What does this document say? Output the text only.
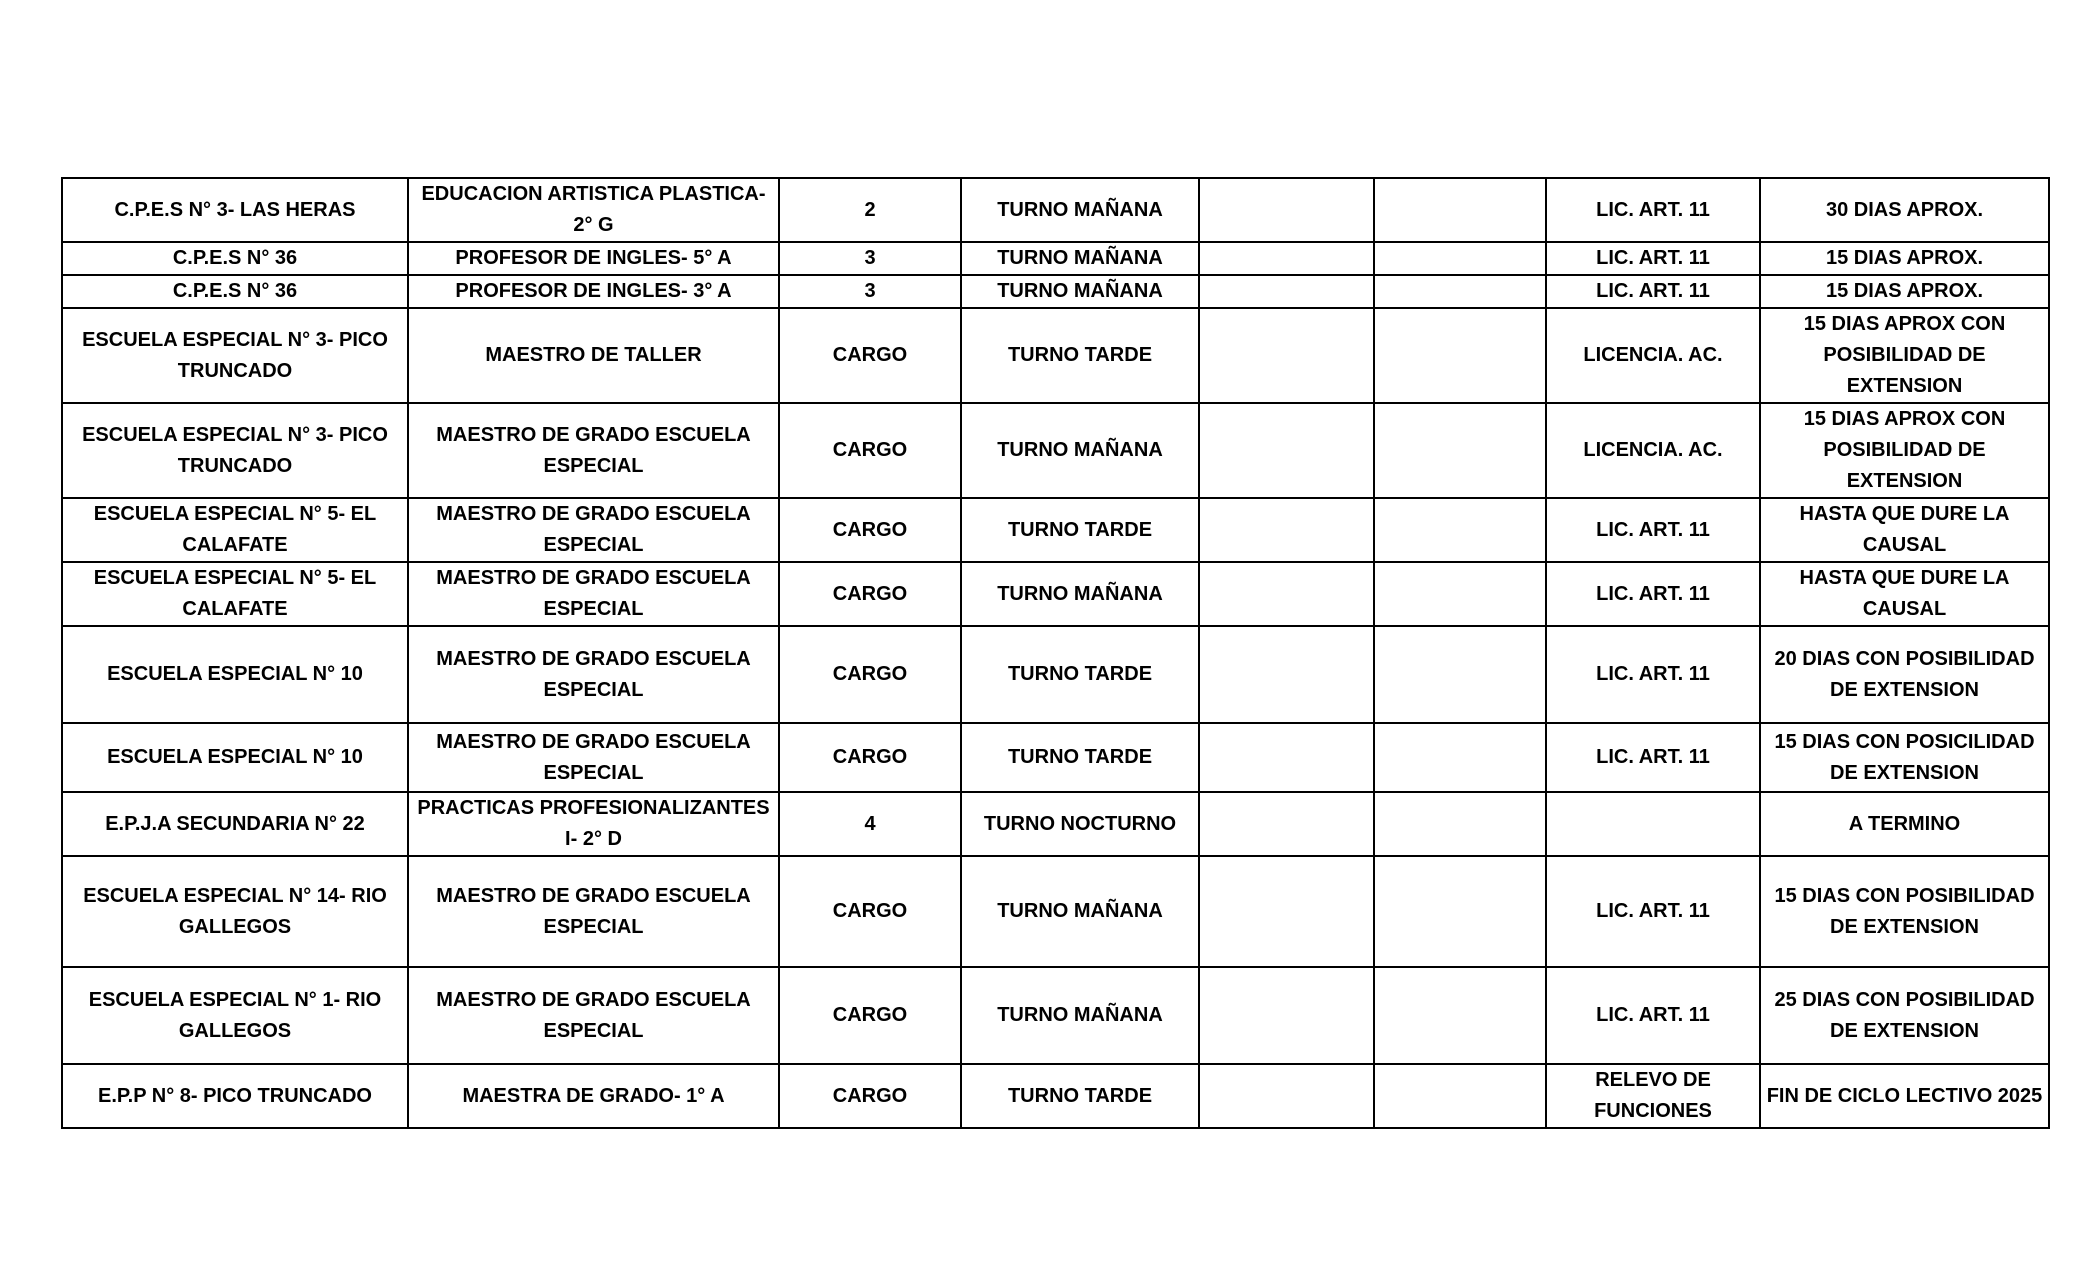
C.P.E.S N° 3- LAS HERAS	EDUCACION ARTISTICA PLASTICA- 2° G	2	TURNO MAÑANA			LIC. ART. 11	30 DIAS APROX.
C.P.E.S N° 36	PROFESOR DE INGLES- 5° A	3	TURNO MAÑANA			LIC. ART. 11	15 DIAS APROX.
C.P.E.S N° 36	PROFESOR DE INGLES- 3° A	3	TURNO MAÑANA			LIC. ART. 11	15 DIAS APROX.
ESCUELA ESPECIAL N° 3- PICO TRUNCADO	MAESTRO DE TALLER	CARGO	TURNO TARDE			LICENCIA. AC.	15 DIAS APROX CON POSIBILIDAD DE EXTENSION
ESCUELA ESPECIAL N° 3- PICO TRUNCADO	MAESTRO DE GRADO ESCUELA ESPECIAL	CARGO	TURNO MAÑANA			LICENCIA. AC.	15 DIAS APROX CON POSIBILIDAD DE EXTENSION
ESCUELA ESPECIAL N° 5- EL CALAFATE	MAESTRO DE GRADO ESCUELA ESPECIAL	CARGO	TURNO TARDE			LIC. ART. 11	HASTA QUE DURE LA CAUSAL
ESCUELA ESPECIAL N° 5- EL CALAFATE	MAESTRO DE GRADO ESCUELA ESPECIAL	CARGO	TURNO MAÑANA			LIC. ART. 11	HASTA QUE DURE LA CAUSAL
ESCUELA ESPECIAL N° 10	MAESTRO DE GRADO ESCUELA ESPECIAL	CARGO	TURNO TARDE			LIC. ART. 11	20 DIAS CON POSIBILIDAD DE EXTENSION
ESCUELA ESPECIAL N° 10	MAESTRO DE GRADO ESCUELA ESPECIAL	CARGO	TURNO TARDE			LIC. ART. 11	15 DIAS CON POSICILIDAD DE EXTENSION
E.P.J.A SECUNDARIA N° 22	PRACTICAS PROFESIONALIZANTES I- 2° D	4	TURNO NOCTURNO				A TERMINO
ESCUELA ESPECIAL N° 14- RIO GALLEGOS	MAESTRO DE GRADO ESCUELA ESPECIAL	CARGO	TURNO MAÑANA			LIC. ART. 11	15 DIAS CON POSIBILIDAD DE EXTENSION
ESCUELA ESPECIAL N° 1- RIO GALLEGOS	MAESTRO DE GRADO ESCUELA ESPECIAL	CARGO	TURNO MAÑANA			LIC. ART. 11	25 DIAS CON POSIBILIDAD DE EXTENSION
E.P.P N° 8- PICO TRUNCADO	MAESTRA DE GRADO- 1° A	CARGO	TURNO TARDE			RELEVO DE FUNCIONES	FIN DE CICLO LECTIVO 2025
